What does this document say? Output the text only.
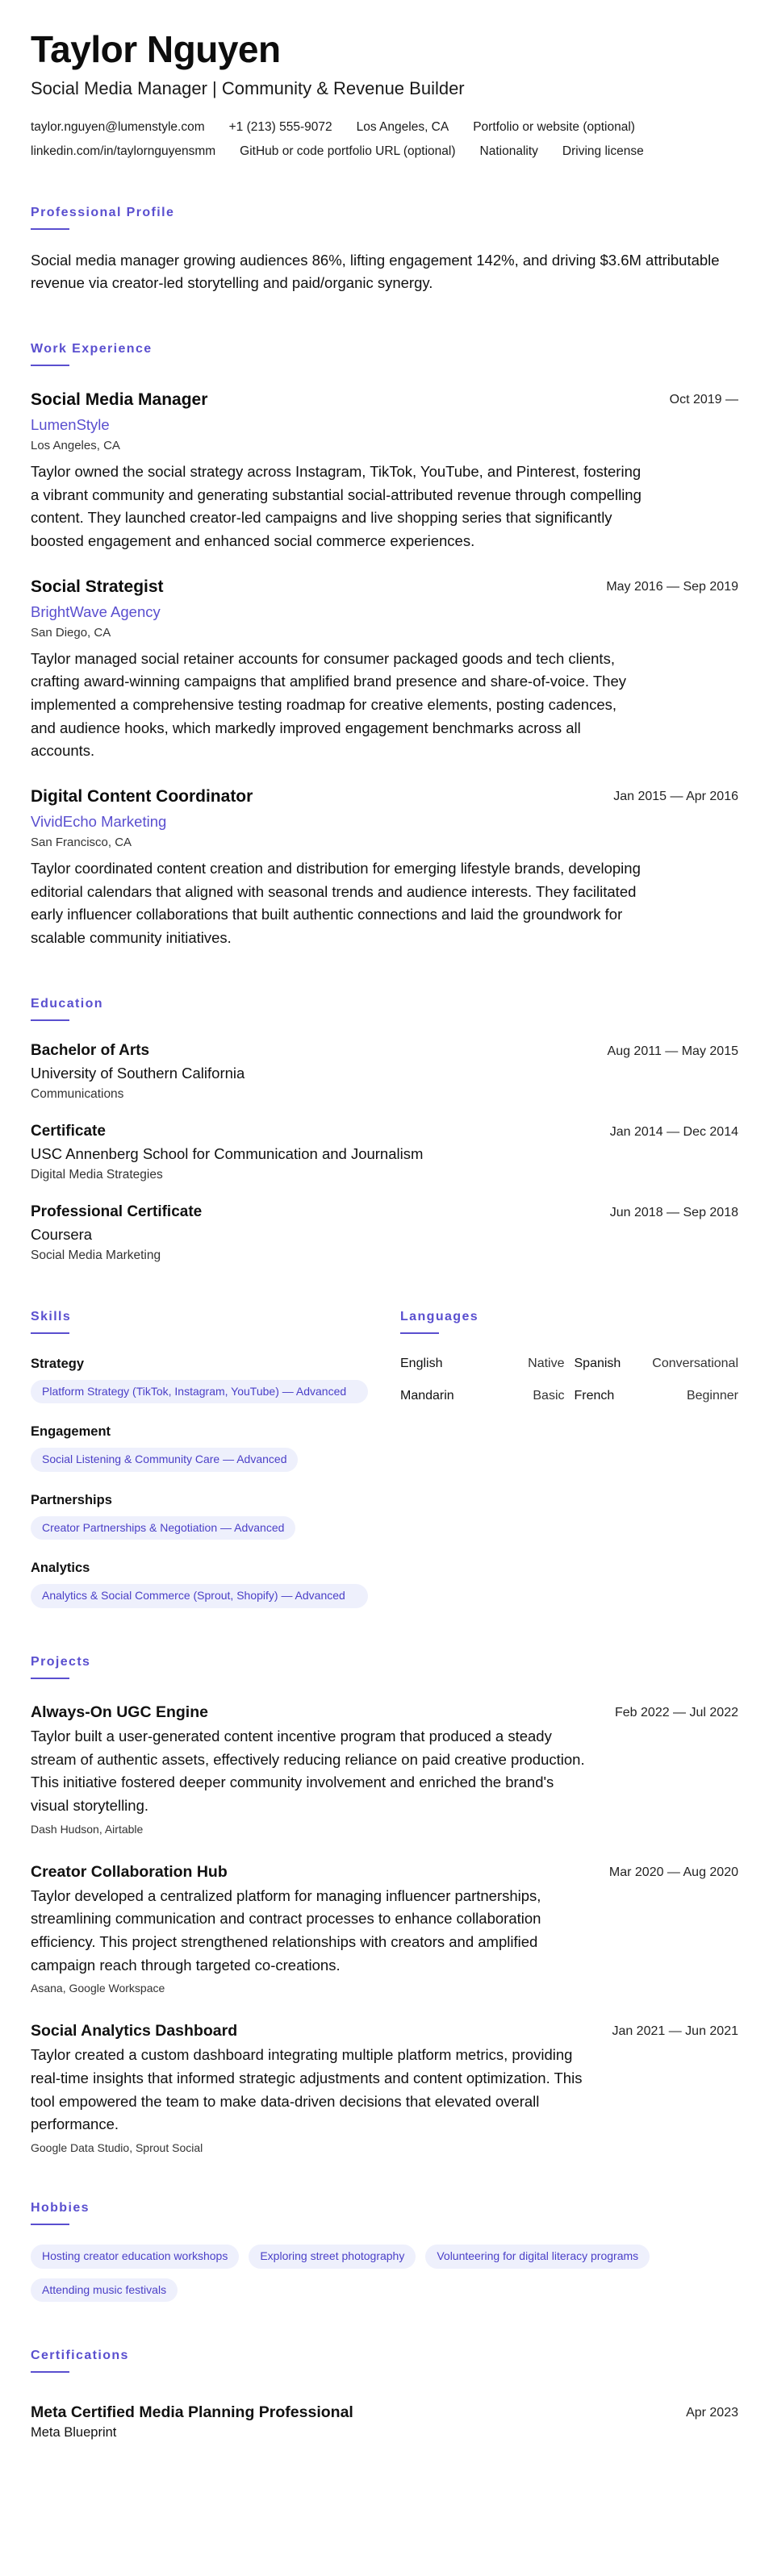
Taylor Nguyen
Social Media Manager | Community & Revenue Builder
taylor.nguyen@lumenstyle.com +1 (213) 555-9072 Los Angeles, CA Portfolio or website (optional)
linkedin.com/in/taylornguyensmm GitHub or code portfolio URL (optional) Nationality Driving license
Professional Profile

Social media manager growing audiences 86%, lifting engagement 142%, and driving $3.6M attributable revenue via creator-led storytelling and paid/organic synergy.

Work Experience
Social Media Manager	Oct 2019 —
LumenStyle
Los Angeles, CA

Taylor owned the social strategy across Instagram, TikTok, YouTube, and Pinterest, fostering a vibrant community and generating substantial social-attributed revenue through compelling content. They launched creator-led campaigns and live shopping series that significantly boosted engagement and enhanced social commerce experiences.

Social Strategist	May 2016 — Sep 2019
BrightWave Agency
San Diego, CA

Taylor managed social retainer accounts for consumer packaged goods and tech clients, crafting award-winning campaigns that amplified brand presence and share-of-voice. They implemented a comprehensive testing roadmap for creative elements, posting cadences, and audience hooks, which markedly improved engagement benchmarks across all accounts.

Digital Content Coordinator	Jan 2015 — Apr 2016
VividEcho Marketing
San Francisco, CA

Taylor coordinated content creation and distribution for emerging lifestyle brands, developing editorial calendars that aligned with seasonal trends and audience interests. They facilitated early influencer collaborations that built authentic connections and laid the groundwork for scalable community initiatives.

Education
Bachelor of Arts	Aug 2011 — May 2015
University of Southern California
Communications
Certificate	Jan 2014 — Dec 2014
USC Annenberg School for Communication and Journalism
Digital Media Strategies
Professional Certificate	Jun 2018 — Sep 2018
Coursera
Social Media Marketing
Skills
Strategy
Platform Strategy (TikTok, Instagram, YouTube) — Advanced
Engagement
Social Listening & Community Care — Advanced
Partnerships
Creator Partnerships & Negotiation — Advanced
Analytics
Analytics & Social Commerce (Sprout, Shopify) — Advanced
Languages
English	Native Spanish Conversational
Mandarin	Basic French	Beginner
Projects
Always-On UGC Engine	Feb 2022 — Jul 2022

Taylor built a user-generated content incentive program that produced a steady stream of authentic assets, effectively reducing reliance on paid creative production. This initiative fostered deeper community involvement and enriched the brand's visual storytelling.

Dash Hudson, Airtable
Creator Collaboration Hub	Mar 2020 — Aug 2020

Taylor developed a centralized platform for managing influencer partnerships, streamlining communication and contract processes to enhance collaboration efficiency. This project strengthened relationships with creators and amplified campaign reach through targeted co-creations.

Asana, Google Workspace
Social Analytics Dashboard	Jan 2021 — Jun 2021

Taylor created a custom dashboard integrating multiple platform metrics, providing real-time insights that informed strategic adjustments and content optimization. This tool empowered the team to make data-driven decisions that elevated overall performance.

Google Data Studio, Sprout Social
Hobbies
Hosting creator education workshops	Exploring street photography	Volunteering for digital literacy programs
Attending music festivals
Certifications
Meta Certified Media Planning Professional	Apr 2023
Meta Blueprint
